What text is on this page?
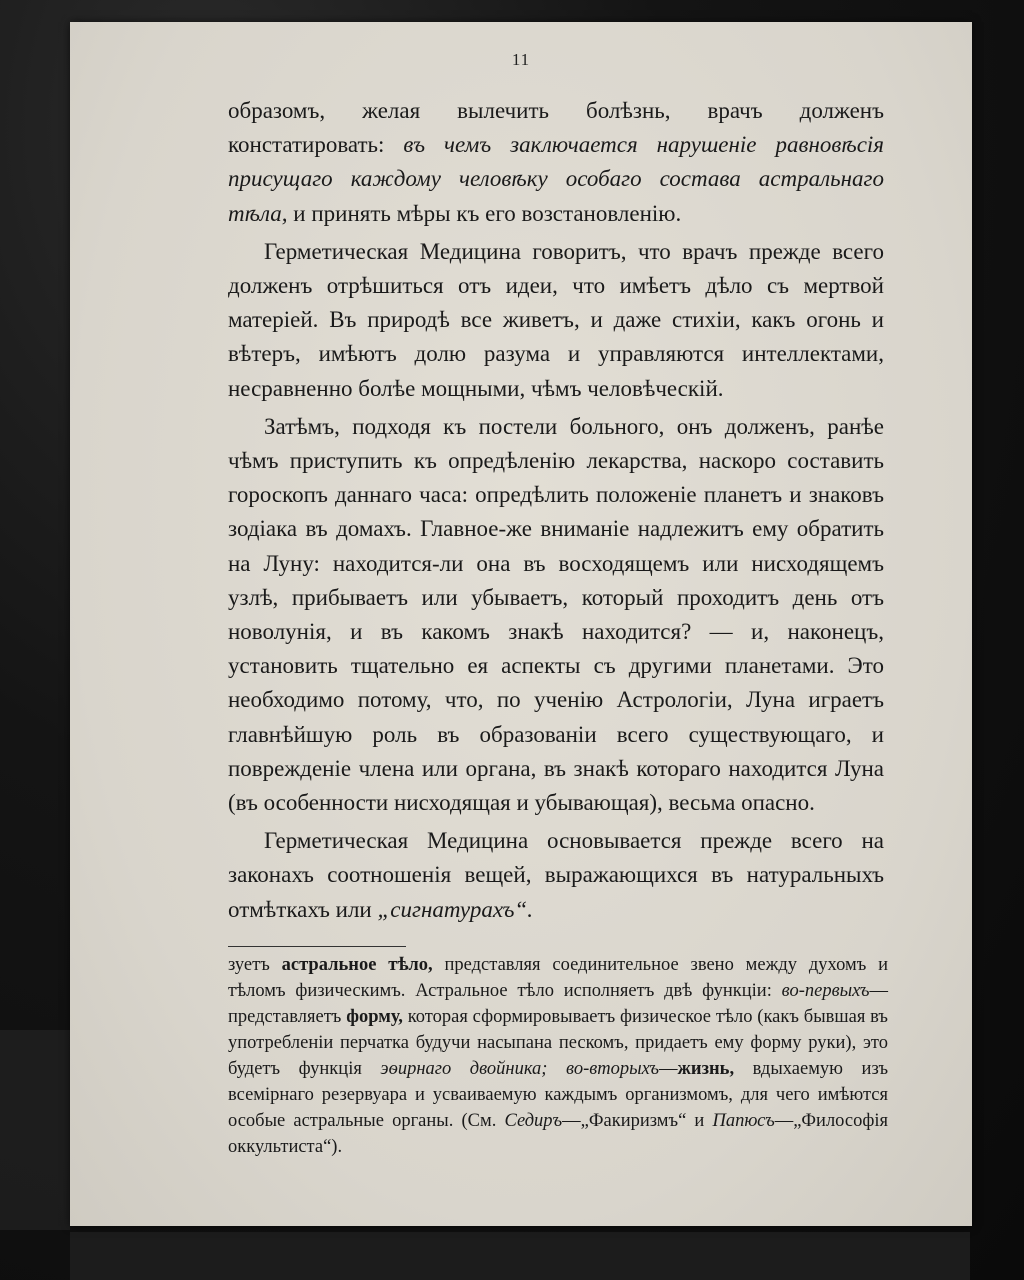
11

образомъ, желая вылечить болѣзнь, врачъ долженъ констатировать: въ чемъ заключается нарушеніе равновѣсія присущаго каждому человѣку особаго состава астральнаго тѣла, и принять мѣры къ его возстановленію.

Герметическая Медицина говоритъ, что врачъ прежде всего долженъ отрѣшиться отъ идеи, что имѣетъ дѣло съ мертвой матеріей. Въ природѣ все живетъ, и даже стихіи, какъ огонь и вѣтеръ, имѣютъ долю разума и управляются интеллектами, несравненно болѣе мощными, чѣмъ человѣческій.

Затѣмъ, подходя къ постели больного, онъ долженъ, ранѣе чѣмъ приступить къ опредѣленію лекарства, наскоро составить гороскопъ даннаго часа: опредѣлить положеніе планетъ и знаковъ зодіака въ домахъ. Главное-же вниманіе надлежитъ ему обратить на Луну: находится-ли она въ восходящемъ или нисходящемъ узлѣ, прибываетъ или убываетъ, который проходитъ день отъ новолунія, и въ какомъ знакѣ находится? — и, наконецъ, установить тщательно ея аспекты съ другими планетами. Это необходимо потому, что, по ученію Астрологіи, Луна играетъ главнѣйшую роль въ образованіи всего существующаго, и поврежденіе члена или органа, въ знакѣ котораго находится Луна (въ особенности нисходящая и убывающая), весьма опасно.

Герметическая Медицина основывается прежде всего на законахъ соотношенія вещей, выражающихся въ натуральныхъ отмѣткахъ или „сигнатурахъ“.

зуетъ астральное тѣло, представляя соединительное звено между духомъ и тѣломъ физическимъ. Астральное тѣло исполняетъ двѣ функціи: во-первыхъ—представляетъ форму, которая сформировываетъ физическое тѣло (какъ бывшая въ употребленіи перчатка будучи насыпана пескомъ, придаетъ ему форму руки), это будетъ функція эѳирнаго двойника; во-вторыхъ—жизнь, вдыхаемую изъ всемірнаго резервуара и усваиваемую каждымъ организмомъ, для чего имѣются особые астральные органы. (См. Седиръ—„Факиризмъ“ и Папюсъ—„Философія оккультиста“).
